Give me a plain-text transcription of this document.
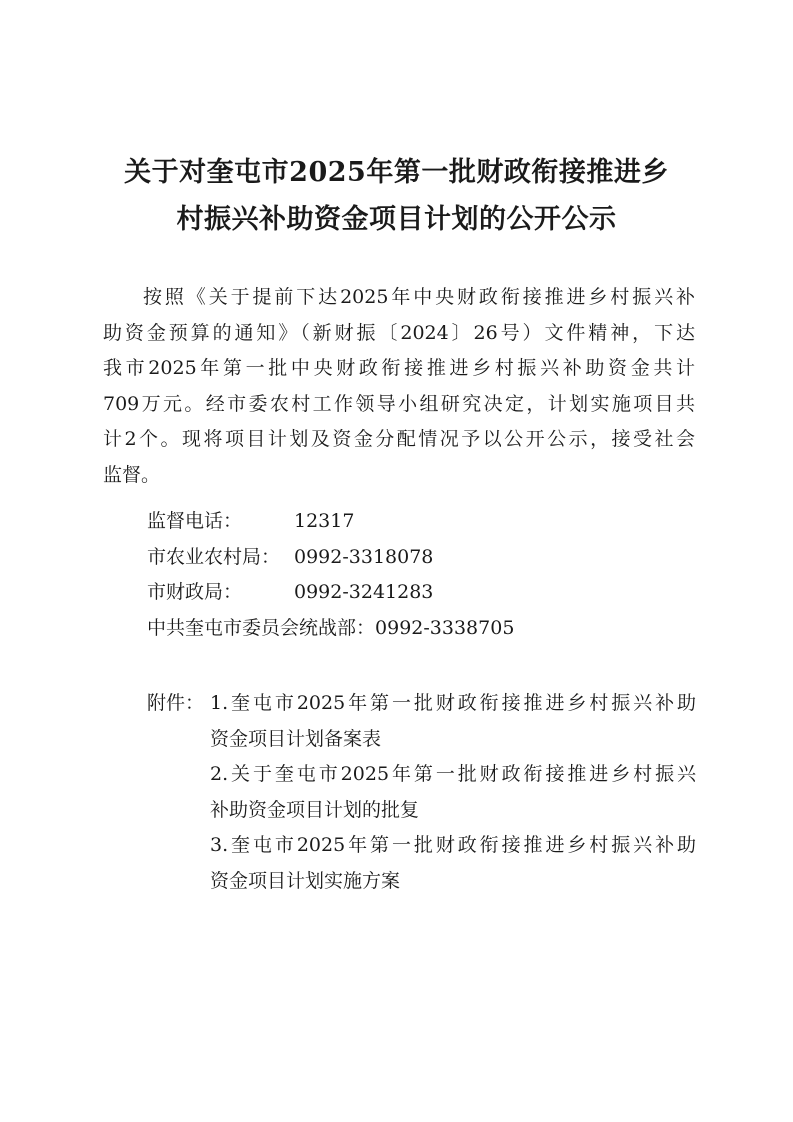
关于对奎屯市2025年第一批财政衔接推进乡
村振兴补助资金项目计划的公开公示
按照《关于提前下达2025年中央财政衔接推进乡村振兴补
助资金预算的通知》（新财振〔2024〕26号）文件精神，下达
我市2025年第一批中央财政衔接推进乡村振兴补助资金共计
709万元。经市委农村工作领导小组研究决定，计划实施项目共
计2个。现将项目计划及资金分配情况予以公开公示，接受社会
监督。
监督电话：	12317
市农业农村局： 0992-3318078
市财政局：	0992-3241283
中共奎屯市委员会统战部：0992-3338705
附件： 1.奎屯市2025年第一批财政衔接推进乡村振兴补助
资金项目计划备案表
2.关于奎屯市2025年第一批财政衔接推进乡村振兴
补助资金项目计划的批复
3.奎屯市2025年第一批财政衔接推进乡村振兴补助
资金项目计划实施方案
